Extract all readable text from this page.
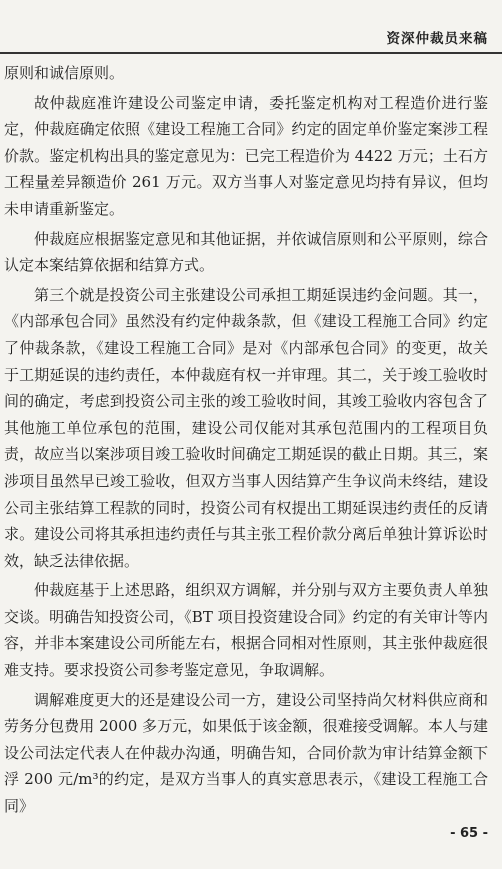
资深仲裁员来稿

原则和诚信原则。

故仲裁庭准许建设公司鉴定申请，委托鉴定机构对工程造价进行鉴定，仲裁庭确定依照《建设工程施工合同》约定的固定单价鉴定案涉工程价款。鉴定机构出具的鉴定意见为：已完工程造价为 4422 万元；土石方工程量差异额造价 261 万元。双方当事人对鉴定意见均持有异议，但均未申请重新鉴定。

仲裁庭应根据鉴定意见和其他证据，并依诚信原则和公平原则，综合认定本案结算依据和结算方式。

第三个就是投资公司主张建设公司承担工期延误违约金问题。其一，《内部承包合同》虽然没有约定仲裁条款，但《建设工程施工合同》约定了仲裁条款，《建设工程施工合同》是对《内部承包合同》的变更，故关于工期延误的违约责任，本仲裁庭有权一并审理。其二，关于竣工验收时间的确定，考虑到投资公司主张的竣工验收时间，其竣工验收内容包含了其他施工单位承包的范围，建设公司仅能对其承包范围内的工程项目负责，故应当以案涉项目竣工验收时间确定工期延误的截止日期。其三，案涉项目虽然早已竣工验收，但双方当事人因结算产生争议尚未终结，建设公司主张结算工程款的同时，投资公司有权提出工期延误违约责任的反请求。建设公司将其承担违约责任与其主张工程价款分离后单独计算诉讼时效，缺乏法律依据。

仲裁庭基于上述思路，组织双方调解，并分别与双方主要负责人单独交谈。明确告知投资公司，《BT 项目投资建设合同》约定的有关审计等内容，并非本案建设公司所能左右，根据合同相对性原则，其主张仲裁庭很难支持。要求投资公司参考鉴定意见，争取调解。

调解难度更大的还是建设公司一方，建设公司坚持尚欠材料供应商和劳务分包费用 2000 多万元，如果低于该金额，很难接受调解。本人与建设公司法定代表人在仲裁办沟通，明确告知，合同价款为审计结算金额下浮 200 元/m³的约定，是双方当事人的真实意思表示，《建设工程施工合同》

- 65 -
